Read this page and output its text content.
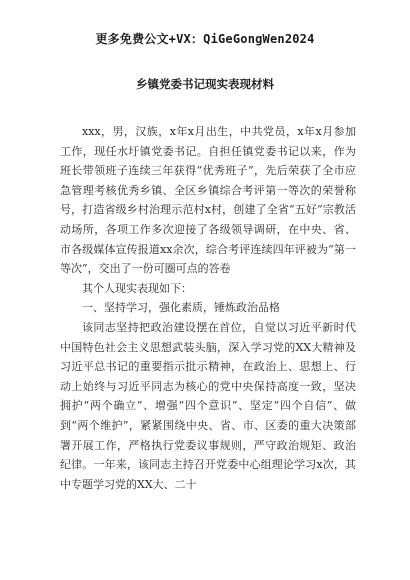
更多免费公文+VX：QiGeGongWen2024
乡镇党委书记现实表现材料

xxx，男，汉族，x年x月出生，中共党员，x年x月参加工作，现任水圩镇党委书记。自担任镇党委书记以来，作为班长带领班子连续三年获得“优秀班子”，先后荣获了全市应急管理考核优秀乡镇、全区乡镇综合考评第一等次的荣誉称号，打造省级乡村治理示范村x村，创建了全省“五好”宗教活动场所，各项工作多次迎接了各级领导调研，在中央、省、市各级媒体宣传报道xx余次，综合考评连续四年评被为“第一等次”，交出了一份可圈可点的答卷

其个人现实表现如下：

一、坚持学习，强化素质，锤炼政治品格

该同志坚持把政治建设摆在首位，自觉以习近平新时代中国特色社会主义思想武装头脑，深入学习党的XX大精神及习近平总书记的重要指示批示精神，在政治上、思想上、行动上始终与习近平同志为核心的党中央保持高度一致，坚决拥护“两个确立”、增强“四个意识”、坚定“四个自信”、做到“两个维护”，紧紧围绕中央、省、市、区委的重大决策部署开展工作，严格执行党委议事规则，严守政治规矩、政治纪律。一年来，该同志主持召开党委中心组理论学习x次，其中专题学习党的XX大、二十
